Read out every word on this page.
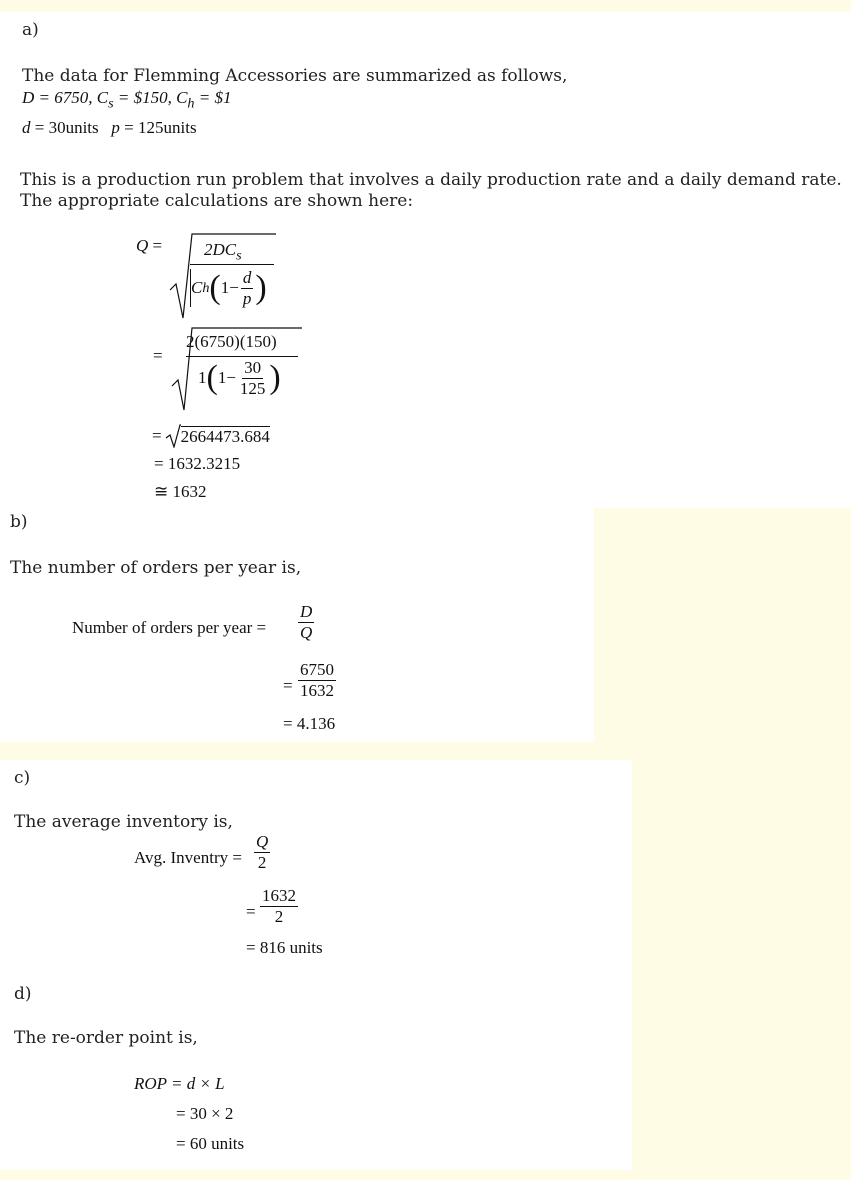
a)
The data for Flemming Accessories are summarized as follows,
D = 6750, $C_s$ = $150, $C_h$ = $1
d = 30units p = 125units
This is a production run problem that involves a daily production rate and a daily demand rate.
The appropriate calculations are shown here:
$Q = 2DC_s$
C h ( $1- \frac{d}{p}$ )
=
2(6750)(150)
1 ( $1- \frac{30}{125}$ )
= 2664473.684
= 1632.3215
≅ 1632
b)
The number of orders per year is,
Number of orders per year = $\frac{D}{Q}$
= $\frac{6750}{1632}$
= 4.136
c)
The average inventory is,
Avg. Inventry = $\frac{Q}{2}$
= $\frac{1632}{2}$
= 816 units
d)
The re-order point is,
ROP = d × L
= 30 × 2
= 60 units
